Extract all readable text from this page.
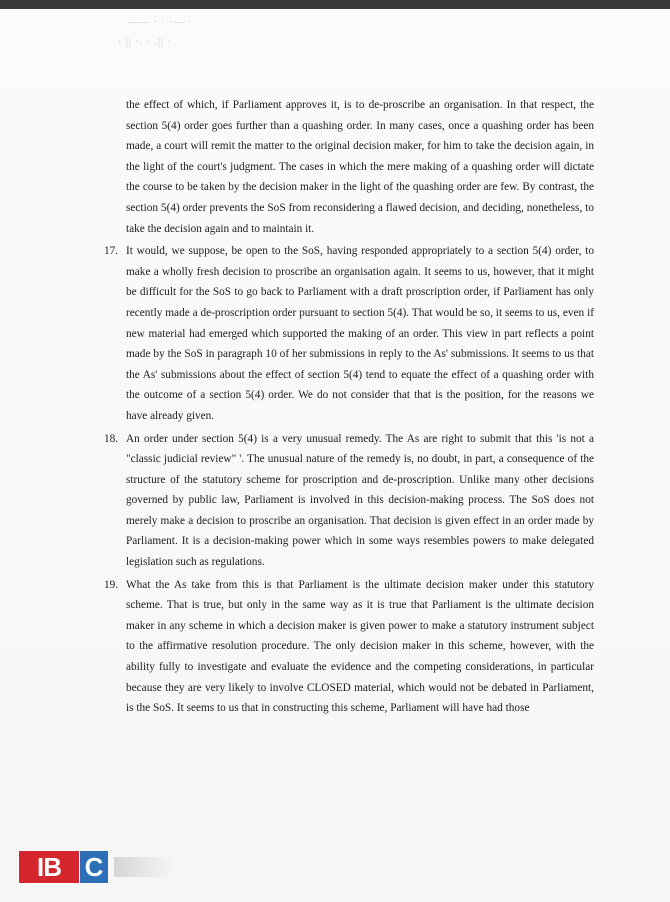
—— · · ·— ·
· || ·. · .|| ·

the effect of which, if Parliament approves it, is to de-proscribe an organisation. In that respect, the section 5(4) order goes further than a quashing order. In many cases, once a quashing order has been made, a court will remit the matter to the original decision maker, for him to take the decision again, in the light of the court's judgment. The cases in which the mere making of a quashing order will dictate the course to be taken by the decision maker in the light of the quashing order are few. By contrast, the section 5(4) order prevents the SoS from reconsidering a flawed decision, and deciding, nonetheless, to take the decision again and to maintain it.

17. It would, we suppose, be open to the SoS, having responded appropriately to a section 5(4) order, to make a wholly fresh decision to proscribe an organisation again. It seems to us, however, that it might be difficult for the SoS to go back to Parliament with a draft proscription order, if Parliament has only recently made a de-proscription order pursuant to section 5(4). That would be so, it seems to us, even if new material had emerged which supported the making of an order. This view in part reflects a point made by the SoS in paragraph 10 of her submissions in reply to the As' submissions. It seems to us that the As' submissions about the effect of section 5(4) tend to equate the effect of a quashing order with the outcome of a section 5(4) order. We do not consider that that is the position, for the reasons we have already given.

18. An order under section 5(4) is a very unusual remedy. The As are right to submit that this 'is not a "classic judicial review" '. The unusual nature of the remedy is, no doubt, in part, a consequence of the structure of the statutory scheme for proscription and de-proscription. Unlike many other decisions governed by public law, Parliament is involved in this decision-making process. The SoS does not merely make a decision to proscribe an organisation. That decision is given effect in an order made by Parliament. It is a decision-making power which in some ways resembles powers to make delegated legislation such as regulations.

19. What the As take from this is that Parliament is the ultimate decision maker under this statutory scheme. That is true, but only in the same way as it is true that Parliament is the ultimate decision maker in any scheme in which a decision maker is given power to make a statutory instrument subject to the affirmative resolution procedure. The only decision maker in this scheme, however, with the ability fully to investigate and evaluate the evidence and the competing considerations, in particular because they are very likely to involve CLOSED material, which would not be debated in Parliament, is the SoS. It seems to us that in constructing this scheme, Parliament will have had those

IB C
